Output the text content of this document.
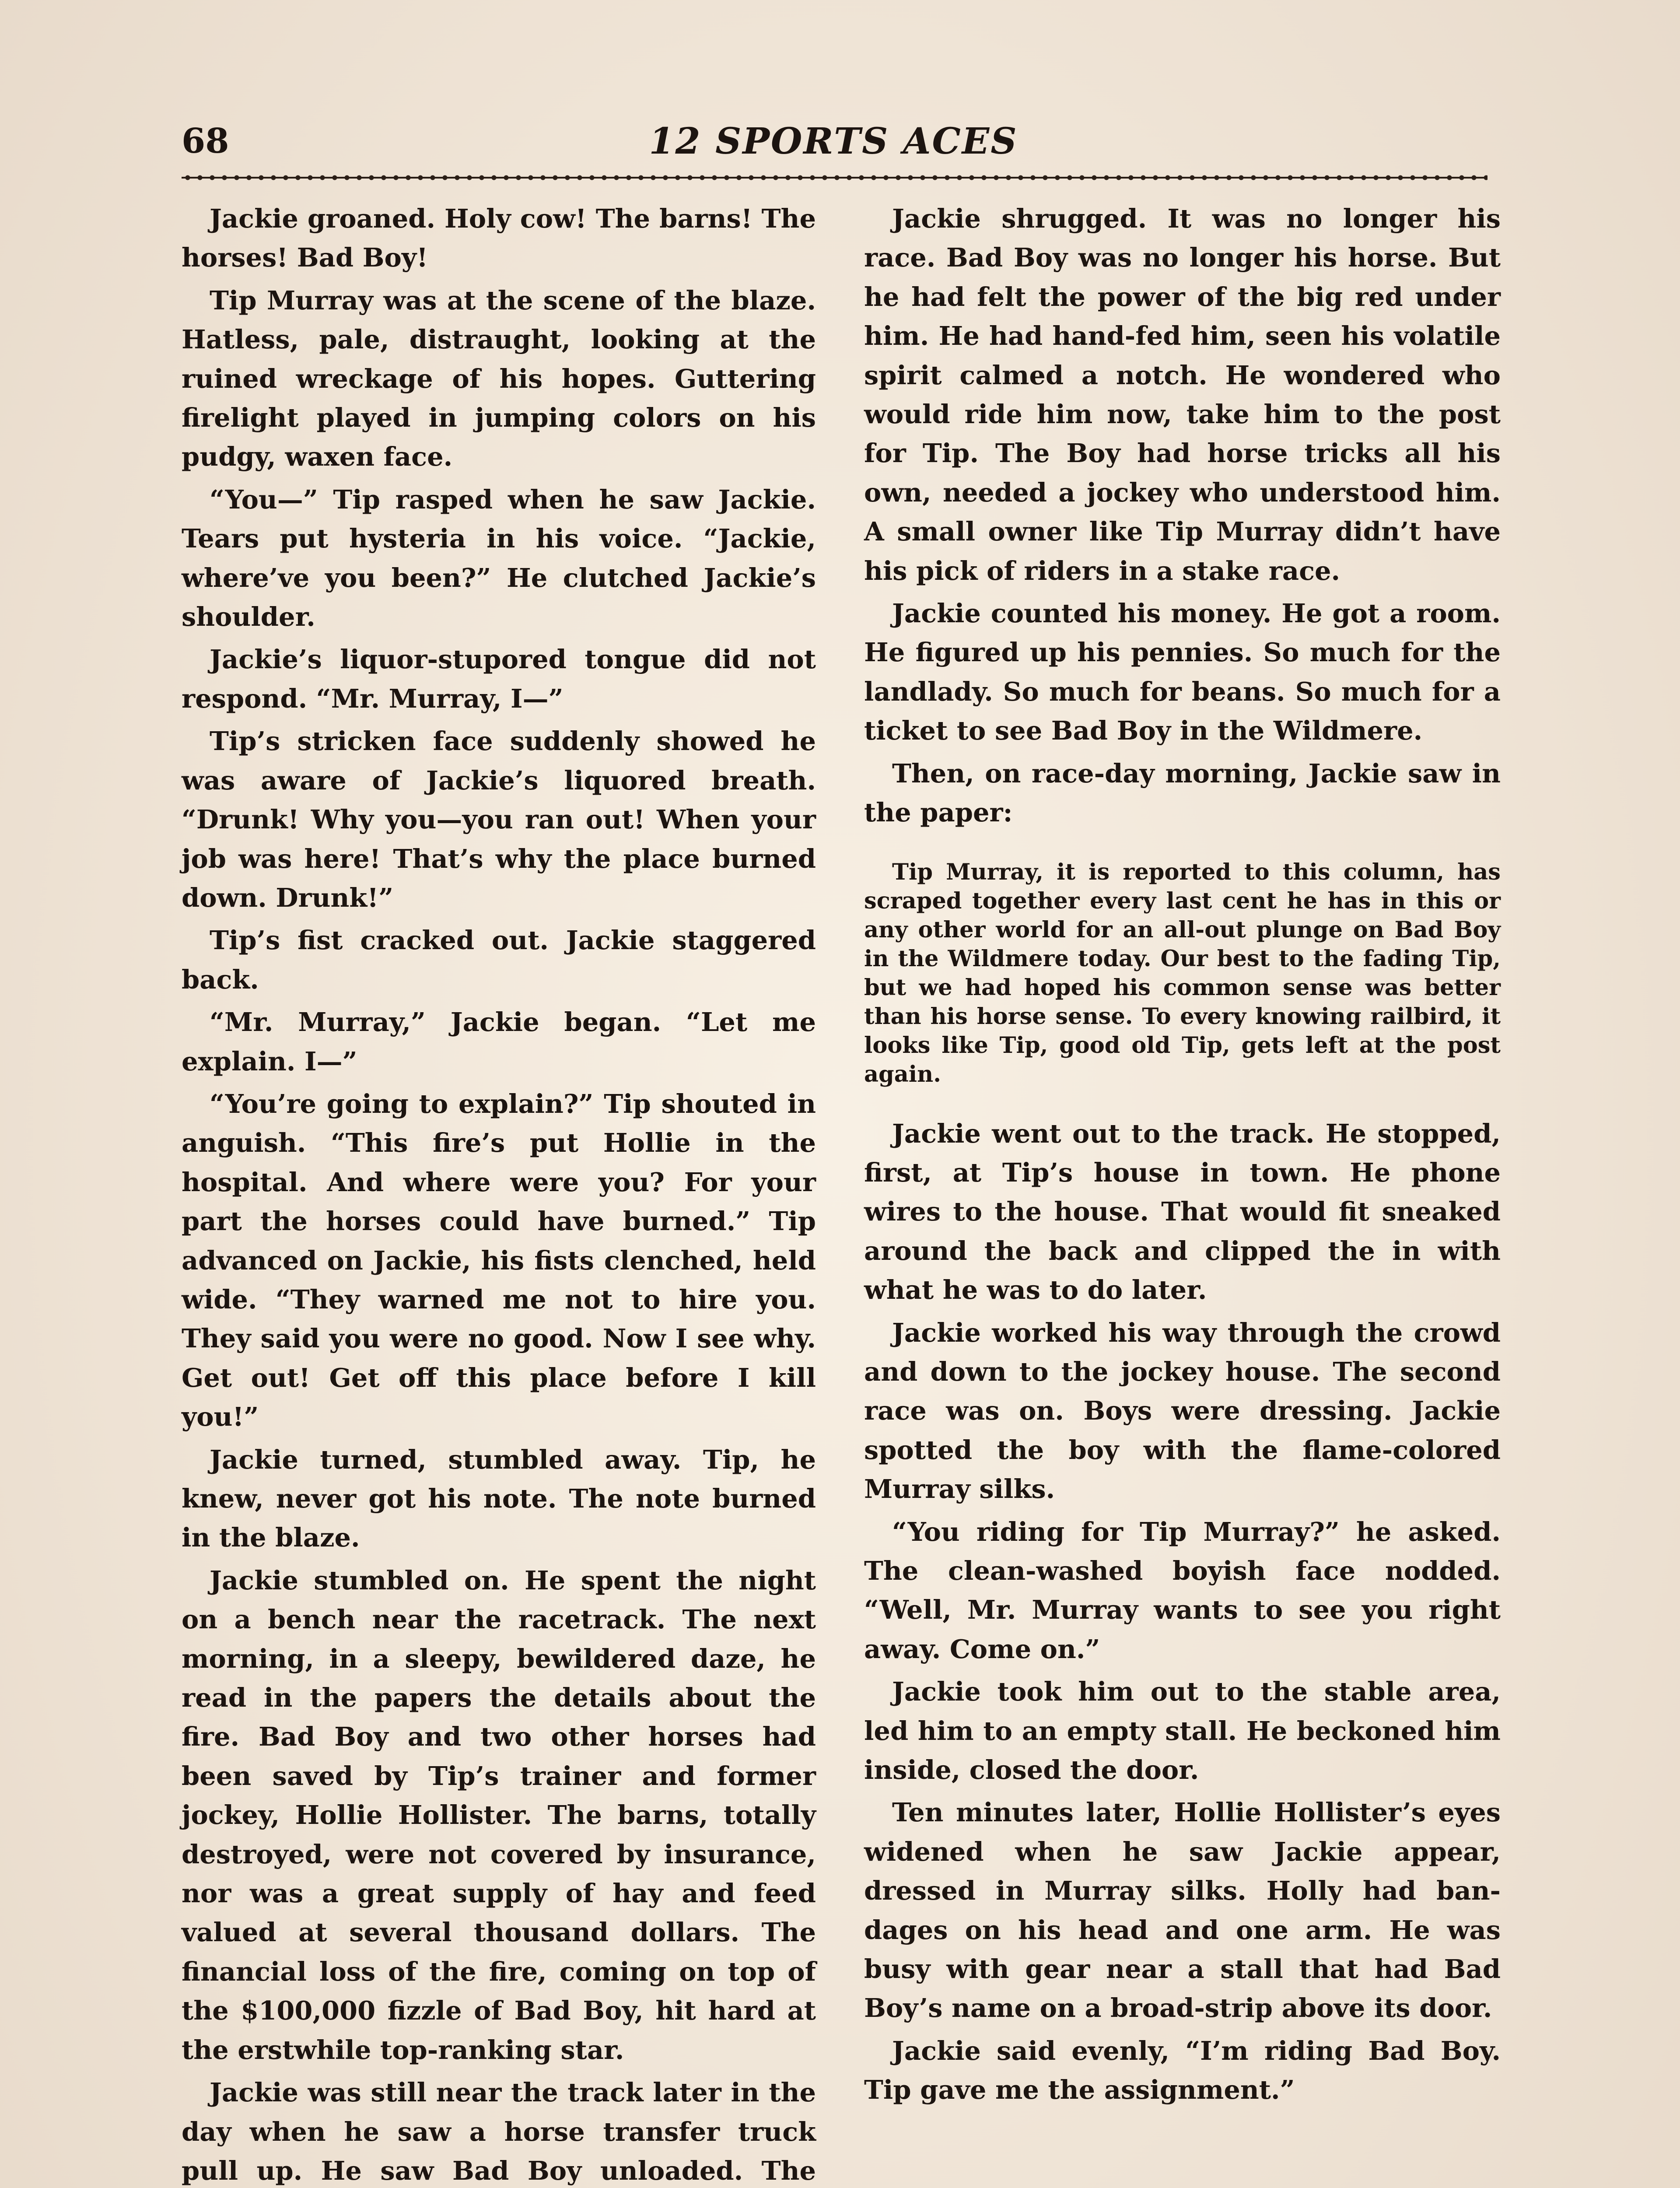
68	12 SPORTS ACES

Jackie groaned. Holy cow! The barns! The horses! Bad Boy!

Tip Murray was at the scene of the blaze. Hatless, pale, distraught, looking at the ruined wreckage of his hopes. Guttering firelight played in jumping colors on his pudgy, waxen face.

“You—” Tip rasped when he saw Jackie. Tears put hysteria in his voice. “Jackie, where’ve you been?” He clutched Jackie’s shoulder.

Jackie’s liquor-stupored tongue did not respond. “Mr. Murray, I—”

Tip’s stricken face suddenly showed he was aware of Jackie’s liquored breath. “Drunk! Why you—you ran out! When your job was here! That’s why the place burned down. Drunk!”

Tip’s fist cracked out. Jackie staggered back.

“Mr. Murray,” Jackie began. “Let me explain. I—”

“You’re going to explain?” Tip shouted in anguish. “This fire’s put Hollie in the hospital. And where were you? For your part the horses could have burned.” Tip advanced on Jackie, his fists clenched, held wide. “They warned me not to hire you. They said you were no good. Now I see why. Get out! Get off this place before I kill you!”

Jackie turned, stumbled away. Tip, he knew, never got his note. The note burned in the blaze.

Jackie stumbled on. He spent the night on a bench near the racetrack. The next morning, in a sleepy, bewildered daze, he read in the papers the details about the fire. Bad Boy and two other horses had been saved by Tip’s trainer and former jockey, Hollie Hollister. The barns, totally destroyed, were not covered by insurance, nor was a great supply of hay and feed valued at several thousand dollars. The financial loss of the fire, coming on top of the $100,000 fizzle of Bad Boy, hit hard at the erstwhile top-ranking star.

Jackie was still near the track later in the day when he saw a horse transfer truck pull up. He saw Bad Boy unloaded. The

Jackie shrugged. It was no longer his race. Bad Boy was no longer his horse. But he had felt the power of the big red under him. He had hand-fed him, seen his volatile spirit calmed a notch. He wondered who would ride him now, take him to the post for Tip. The Boy had horse tricks all his own, needed a jockey who understood him. A small owner like Tip Murray didn’t have his pick of riders in a stake race.

Jackie counted his money. He got a room. He figured up his pennies. So much for the landlady. So much for beans. So much for a ticket to see Bad Boy in the Wildmere.

Then, on race-day morning, Jackie saw in the paper:

Tip Murray, it is reported to this column, has scraped together every last cent he has in this or any other world for an all-out plunge on Bad Boy in the Wildmere today. Our best to the fading Tip, but we had hoped his common sense was better than his horse sense. To every knowing railbird, it looks like Tip, good old Tip, gets left at the post again.

Jackie went out to the track. He stopped, first, at Tip’s house in town. He phone wires to the house. That would fit sneaked around the back and clipped the in with what he was to do later.

Jackie worked his way through the crowd and down to the jockey house. The second race was on. Boys were dressing. Jackie spotted the boy with the flame-colored Murray silks.

“You riding for Tip Murray?” he asked. The clean-washed boyish face nodded. “Well, Mr. Murray wants to see you right away. Come on.”

Jackie took him out to the stable area, led him to an empty stall. He beckoned him inside, closed the door.

Ten minutes later, Hollie Hollister’s eyes widened when he saw Jackie appear, dressed in Murray silks. Holly had bandages on his head and one arm. He was busy with gear near a stall that had Bad Boy’s name on a broad-strip above its door.

Jackie said evenly, “I’m riding Bad Boy. Tip gave me the assignment.”
